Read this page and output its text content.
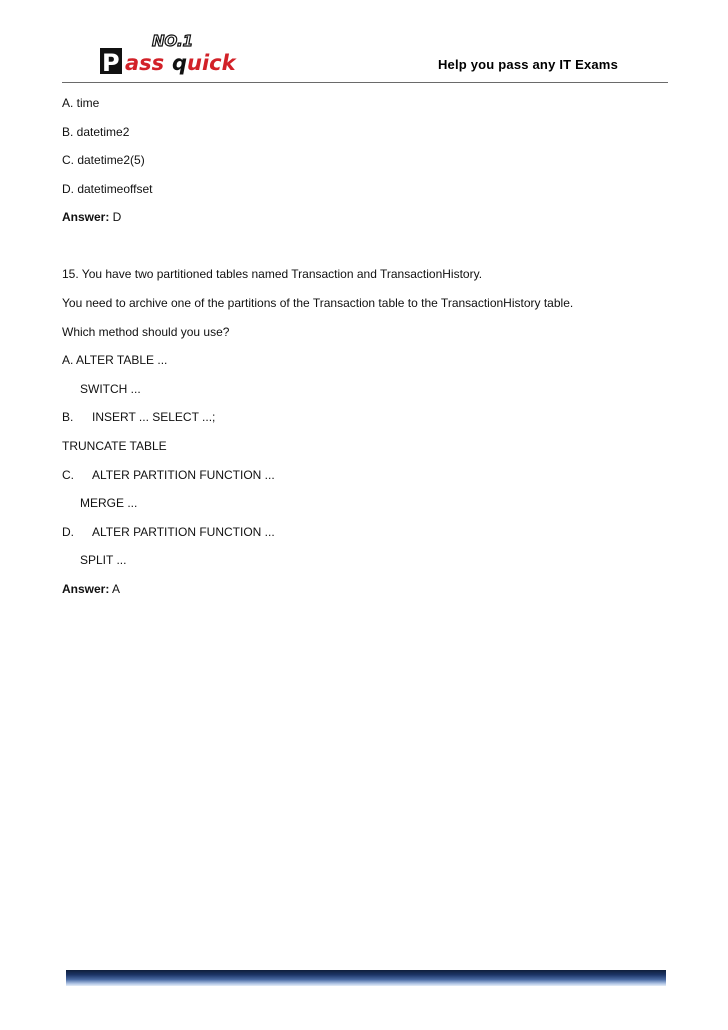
NO.1
P ass q uick	Help you pass any IT Exams
A. time
B. datetime2
C. datetime2(5)
D. datetimeoffset
Answer: D
15. You have two partitioned tables named Transaction and TransactionHistory.
You need to archive one of the partitions of the Transaction table to the TransactionHistory table.
Which method should you use?
A. ALTER TABLE ...
SWITCH ...
B. INSERT ... SELECT ...;
TRUNCATE TABLE
C. ALTER PARTITION FUNCTION ...
MERGE ...
D. ALTER PARTITION FUNCTION ...
SPLIT ...
Answer: A
